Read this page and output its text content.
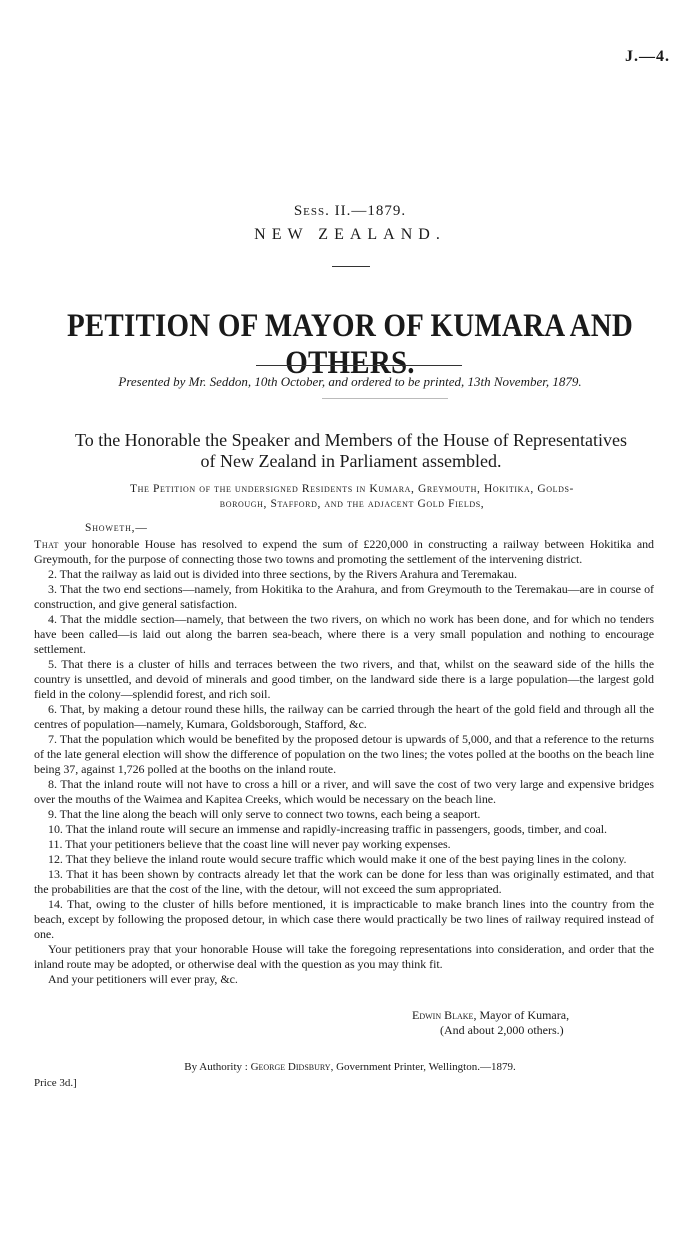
J.—4.
Sess. II.—1879.
NEW ZEALAND.
PETITION OF MAYOR OF KUMARA AND OTHERS.
Presented by Mr. Seddon, 10th October, and ordered to be printed, 13th November, 1879.
To the Honorable the Speaker and Members of the House of Representatives
of New Zealand in Parliament assembled.
The Petition of the undersigned Residents in Kumara, Greymouth, Hokitika, Golds-
borough, Stafford, and the adjacent Gold Fields,
Showeth,—

That your honorable House has resolved to expend the sum of £220,000 in constructing a railway between Hokitika and Greymouth, for the purpose of connecting those two towns and promoting the settlement of the intervening district.

2. That the railway as laid out is divided into three sections, by the Rivers Arahura and Teremakau.

3. That the two end sections—namely, from Hokitika to the Arahura, and from Greymouth to the Teremakau—are in course of construction, and give general satisfaction.

4. That the middle section—namely, that between the two rivers, on which no work has been done, and for which no tenders have been called—is laid out along the barren sea-beach, where there is a very small population and nothing to encourage settlement.

5. That there is a cluster of hills and terraces between the two rivers, and that, whilst on the seaward side of the hills the country is unsettled, and devoid of minerals and good timber, on the landward side there is a large population—the largest gold field in the colony—splendid forest, and rich soil.

6. That, by making a detour round these hills, the railway can be carried through the heart of the gold field and through all the centres of population—namely, Kumara, Goldsborough, Stafford, &c.

7. That the population which would be benefited by the proposed detour is upwards of 5,000, and that a reference to the returns of the late general election will show the difference of population on the two lines; the votes polled at the booths on the beach line being 37, against 1,726 polled at the booths on the inland route.

8. That the inland route will not have to cross a hill or a river, and will save the cost of two very large and expensive bridges over the mouths of the Waimea and Kapitea Creeks, which would be necessary on the beach line.

9. That the line along the beach will only serve to connect two towns, each being a seaport.

10. That the inland route will secure an immense and rapidly-increasing traffic in passengers, goods, timber, and coal.

11. That your petitioners believe that the coast line will never pay working expenses.

12. That they believe the inland route would secure traffic which would make it one of the best paying lines in the colony.

13. That it has been shown by contracts already let that the work can be done for less than was originally estimated, and that the probabilities are that the cost of the line, with the detour, will not exceed the sum appropriated.

14. That, owing to the cluster of hills before mentioned, it is impracticable to make branch lines into the country from the beach, except by following the proposed detour, in which case there would practically be two lines of railway required instead of one.

Your petitioners pray that your honorable House will take the foregoing representations into consideration, and order that the inland route may be adopted, or otherwise deal with the question as you may think fit.

And your petitioners will ever pray, &c.

Edwin Blake, Mayor of Kumara,
(And about 2,000 others.)
By Authority : George Didsbury, Government Printer, Wellington.—1879.
Price 3d.]
